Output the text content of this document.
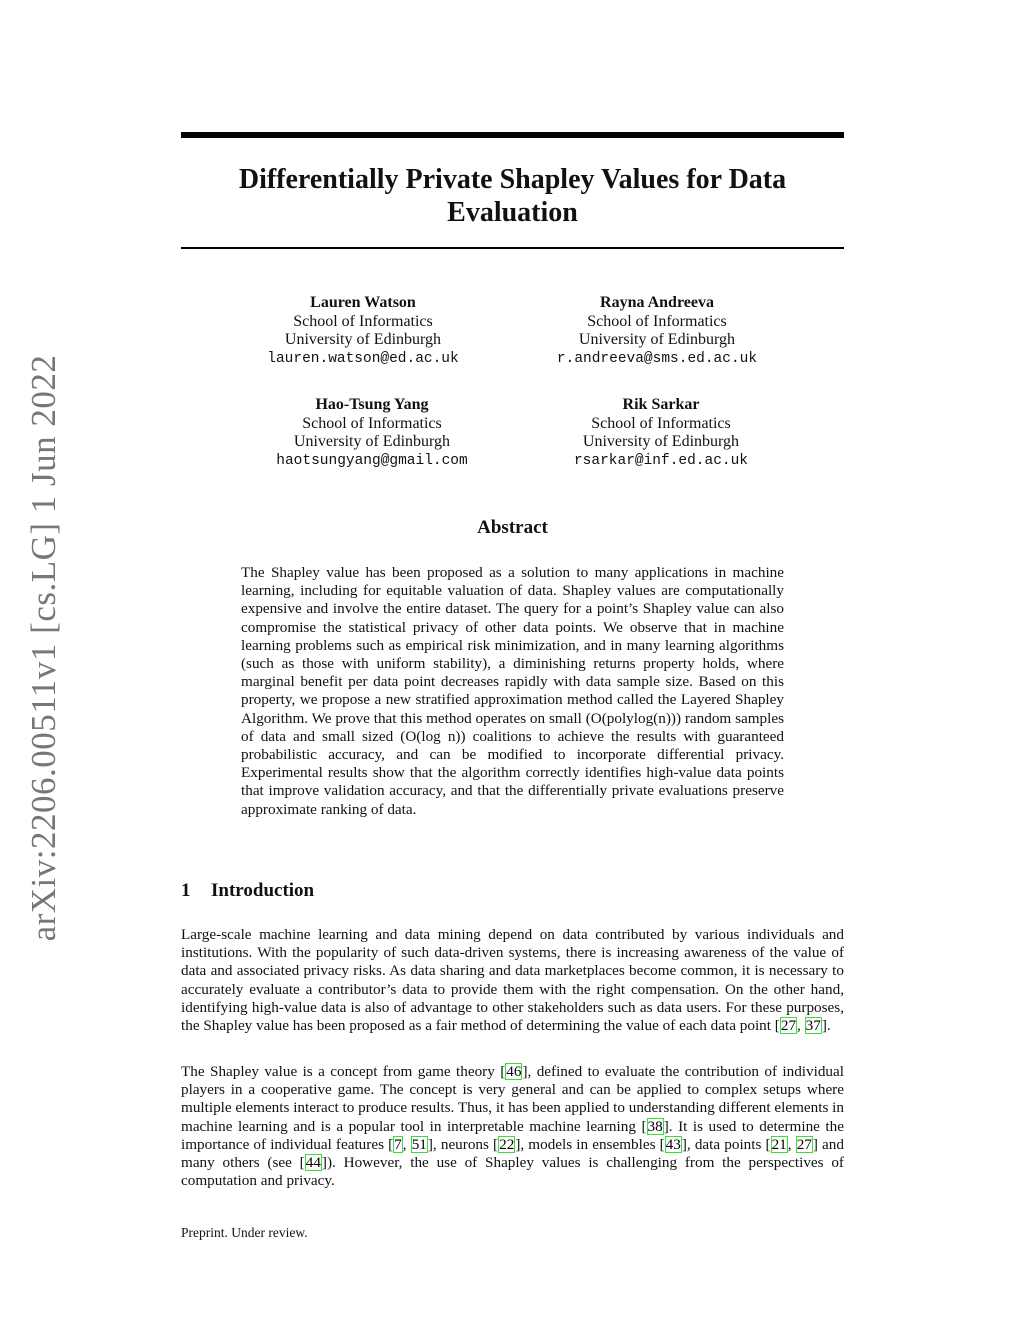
arXiv:2206.00511v1 [cs.LG] 1 Jun 2022
Differentially Private Shapley Values for Data Evaluation
Lauren Watson
School of Informatics
University of Edinburgh
lauren.watson@ed.ac.uk
Rayna Andreeva
School of Informatics
University of Edinburgh
r.andreeva@sms.ed.ac.uk
Hao-Tsung Yang
School of Informatics
University of Edinburgh
haotsungyang@gmail.com
Rik Sarkar
School of Informatics
University of Edinburgh
rsarkar@inf.ed.ac.uk
Abstract

The Shapley value has been proposed as a solution to many applications in machine learning, including for equitable valuation of data. Shapley values are computationally expensive and involve the entire dataset. The query for a point’s Shapley value can also compromise the statistical privacy of other data points. We observe that in machine learning problems such as empirical risk minimization, and in many learning algorithms (such as those with uniform stability), a diminishing returns property holds, where marginal benefit per data point decreases rapidly with data sample size. Based on this property, we propose a new stratified approximation method called the Layered Shapley Algorithm. We prove that this method operates on small (O(polylog(n))) random samples of data and small sized (O(log n)) coalitions to achieve the results with guaranteed probabilistic accuracy, and can be modified to incorporate differential privacy. Experimental results show that the algorithm correctly identifies high-value data points that improve validation accuracy, and that the differentially private evaluations preserve approximate ranking of data.

1 Introduction

Large-scale machine learning and data mining depend on data contributed by various individuals and institutions. With the popularity of such data-driven systems, there is increasing awareness of the value of data and associated privacy risks. As data sharing and data marketplaces become common, it is necessary to accurately evaluate a contributor’s data to provide them with the right compensation. On the other hand, identifying high-value data is also of advantage to other stakeholders such as data users. For these purposes, the Shapley value has been proposed as a fair method of determining the value of each data point [27, 37].

The Shapley value is a concept from game theory [46], defined to evaluate the contribution of individual players in a cooperative game. The concept is very general and can be applied to complex setups where multiple elements interact to produce results. Thus, it has been applied to understanding different elements in machine learning and is a popular tool in interpretable machine learning [38]. It is used to determine the importance of individual features [7, 51], neurons [22], models in ensembles [43], data points [21, 27] and many others (see [44]). However, the use of Shapley values is challenging from the perspectives of computation and privacy.

Preprint. Under review.
